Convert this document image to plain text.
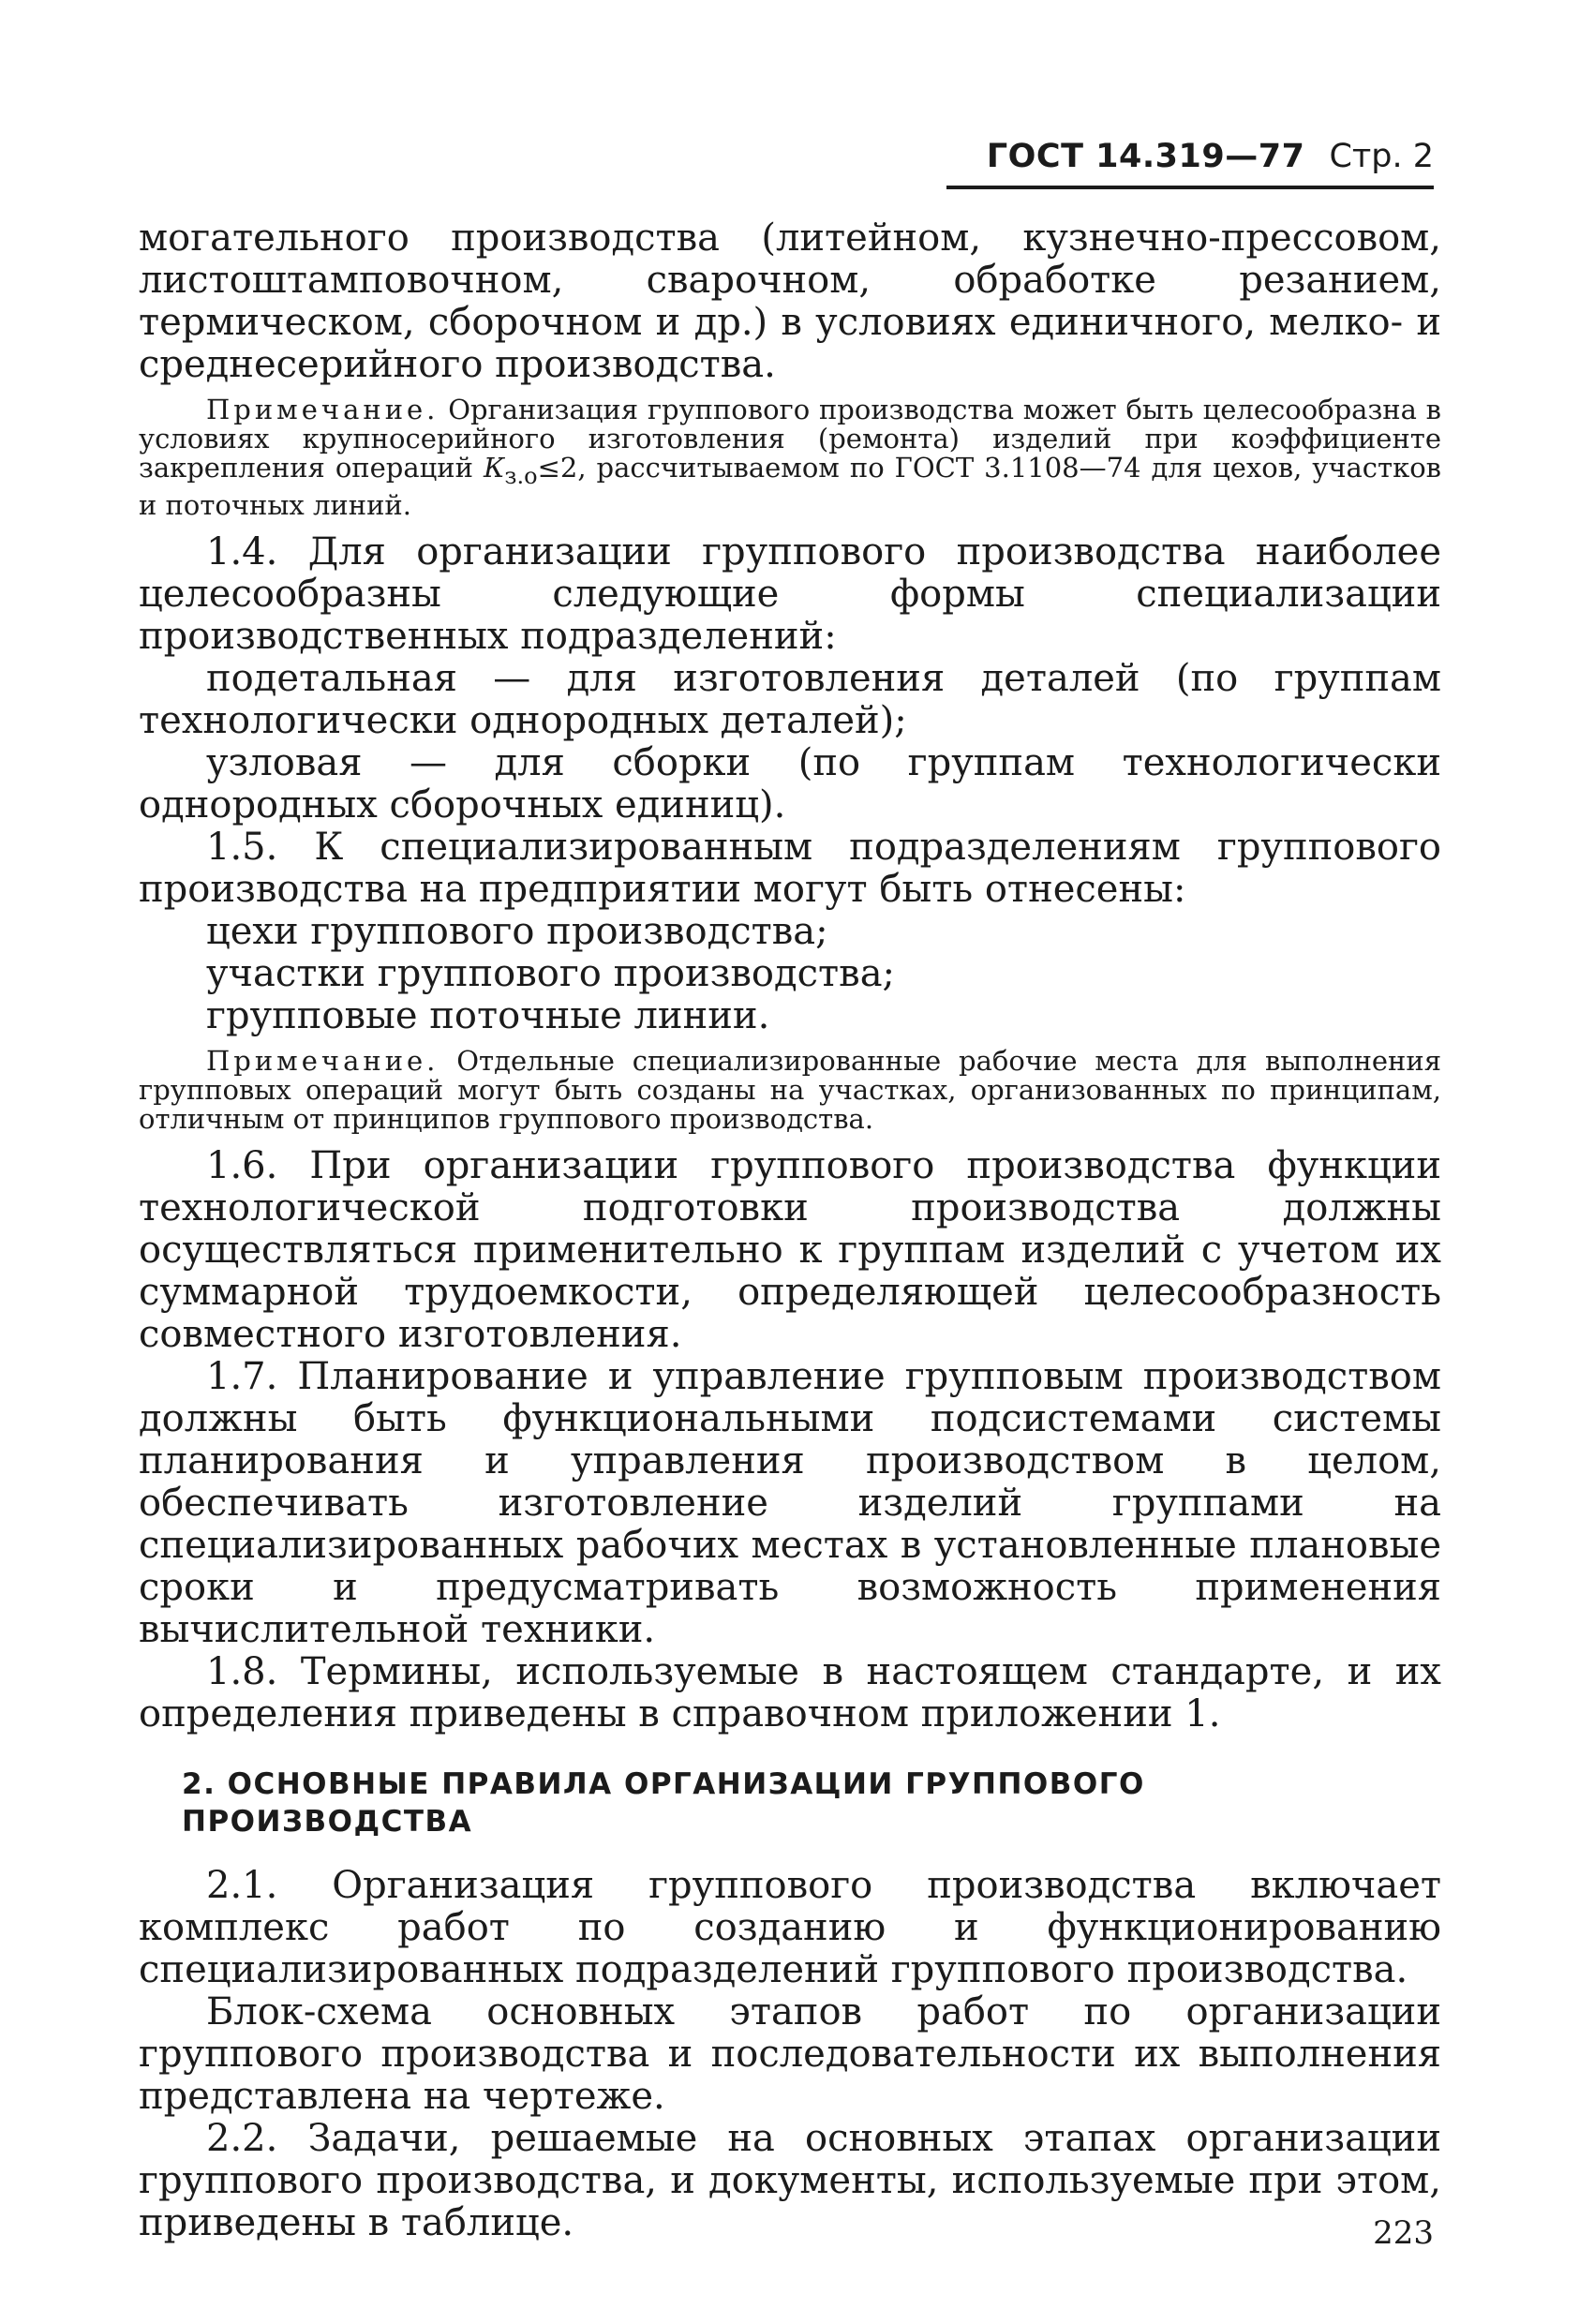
ГОСТ 14.319—77 Стр. 2

могательного производства (литейном, кузнечно-прессовом, листоштамповочном, сварочном, обработке резанием, термическом, сборочном и др.) в условиях единичного, мелко- и среднесерийного производства.

Примечание. Организация группового производства может быть целесообразна в условиях крупносерийного изготовления (ремонта) изделий при коэффициенте закрепления операций $К_{з.о}\le 2$, рассчитываемом по ГОСТ 3.1108—74 для цехов, участков и поточных линий.

1.4. Для организации группового производства наиболее целесообразны следующие формы специализации производственных подразделений:

подетальная — для изготовления деталей (по группам технологически однородных деталей);

узловая — для сборки (по группам технологически однородных сборочных единиц).

1.5. К специализированным подразделениям группового производства на предприятии могут быть отнесены:

цехи группового производства;

участки группового производства;

групповые поточные линии.

Примечание. Отдельные специализированные рабочие места для выполнения групповых операций могут быть созданы на участках, организованных по принципам, отличным от принципов группового производства.

1.6. При организации группового производства функции технологической подготовки производства должны осуществляться применительно к группам изделий с учетом их суммарной трудоемкости, определяющей целесообразность совместного изготовления.

1.7. Планирование и управление групповым производством должны быть функциональными подсистемами системы планирования и управления производством в целом, обеспечивать изготовление изделий группами на специализированных рабочих местах в установленные плановые сроки и предусматривать возможность применения вычислительной техники.

1.8. Термины, используемые в настоящем стандарте, и их определения приведены в справочном приложении 1.

2. ОСНОВНЫЕ ПРАВИЛА ОРГАНИЗАЦИИ ГРУППОВОГО ПРОИЗВОДСТВА

2.1. Организация группового производства включает комплекс работ по созданию и функционированию специализированных подразделений группового производства.

Блок-схема основных этапов работ по организации группового производства и последовательности их выполнения представлена на чертеже.

2.2. Задачи, решаемые на основных этапах организации группового производства, и документы, используемые при этом, приведены в таблице.	223
